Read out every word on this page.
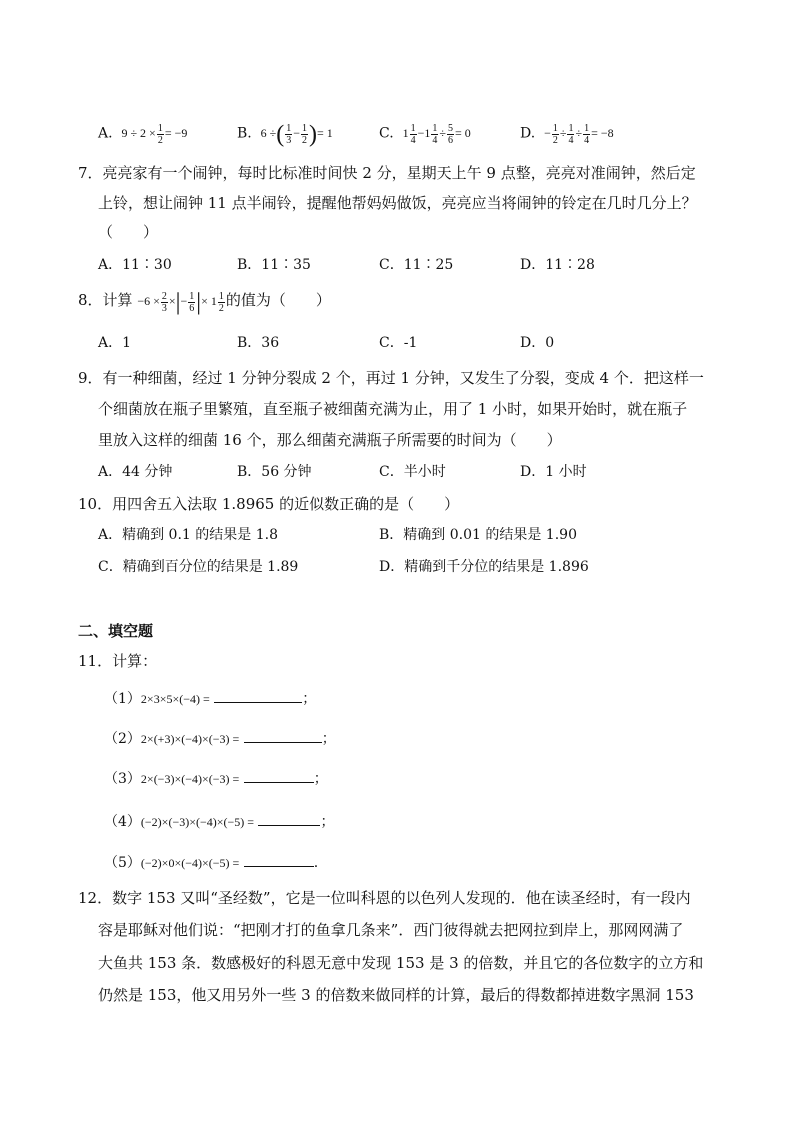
A. $9 \div 2 \times \frac{1}{2} = -9$	B. 6 ÷( $\frac{1}{3} - \frac{1}{2}$ )= 1	C. $1 \frac{1}{4} -1 \frac{1}{4} \div \frac{5}{6} = 0$	D. − $\frac{1}{2} \div \frac{1}{4} \div \frac{1}{4} = -8$
7．亮亮家有一个闹钟，每时比标准时间快 2 分，星期天上午 9 点整，亮亮对准闹钟，然后定
上铃，想让闹钟 11 点半闹铃，提醒他帮妈妈做饭，亮亮应当将闹钟的铃定在几时几分上？
（　　）
A．11∶30	B．11∶35	C．11∶25	D．11∶28
8．计算 $-6 \times \frac{2}{3}$ ×|− $\frac{1}{6}$ |× $1 \frac{1}{2}$ 的值为（　　）
A．1	B．36	C．-1	D．0
9．有一种细菌，经过 1 分钟分裂成 2 个，再过 1 分钟，又发生了分裂，变成 4 个．把这样一
个细菌放在瓶子里繁殖，直至瓶子被细菌充满为止，用了 1 小时，如果开始时，就在瓶子
里放入这样的细菌 16 个，那么细菌充满瓶子所需要的时间为（　　）
A．44 分钟	B．56 分钟	C．半小时	D．1 小时
10．用四舍五入法取 1.8965 的近似数正确的是（　　）
A．精确到 0.1 的结果是 1.8	B．精确到 0.01 的结果是 1.90
C．精确到百分位的结果是 1.89	D．精确到千分位的结果是 1.896
二、填空题
11．计算：
（1）2×3×5×(−4) =	；
（2）2×(+3)×(−4)×(−3) =	；
（3）2×(−3)×(−4)×(−3) =	；
（4）(−2)×(−3)×(−4)×(−5) =	；
（5）(−2)×0×(−4)×(−5) =	.
12．数字 153 又叫“圣经数”，它是一位叫科恩的以色列人发现的．他在读圣经时，有一段内
容是耶稣对他们说：“把刚才打的鱼拿几条来”．西门彼得就去把网拉到岸上，那网网满了
大鱼共 153 条．数感极好的科恩无意中发现 153 是 3 的倍数，并且它的各位数字的立方和
仍然是 153，他又用另外一些 3 的倍数来做同样的计算，最后的得数都掉进数字黑洞 153
